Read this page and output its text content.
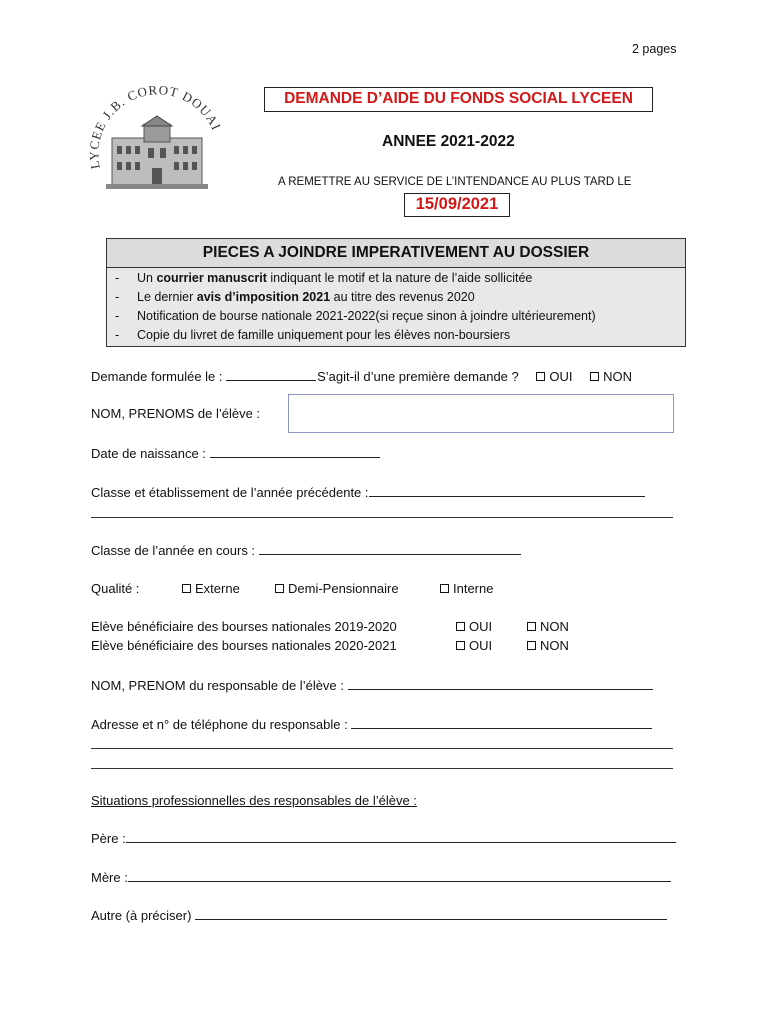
2 pages
LYCEE J.B. COROT DOUAI
DEMANDE D’AIDE DU FONDS SOCIAL LYCEEN
ANNEE 2021-2022
A REMETTRE AU SERVICE DE L’INTENDANCE AU PLUS TARD LE
15/09/2021
PIECES A JOINDRE IMPERATIVEMENT AU DOSSIER
- Un courrier manuscrit indiquant le motif et la nature de l’aide sollicitée
- Le dernier avis d’imposition 2021 au titre des revenus 2020
- Notification de bourse nationale 2021-2022(si reçue sinon à joindre ultérieurement)
- Copie du livret de famille uniquement pour les élèves non-boursiers
Demande formulée le :	S’agit-il d’une première demande ? OUI NON
NOM, PRENOMS de l’élève :
Date de naissance :
Classe et établissement de l’année précédente :
Classe de l’année en cours :
Qualité :	Externe	Demi-Pensionnaire	Interne
Elève bénéficiaire des bourses nationales 2019-2020	OUI	NON
Elève bénéficiaire des bourses nationales 2020-2021	OUI	NON
NOM, PRENOM du responsable de l’élève :
Adresse et n° de téléphone du responsable :
Situations professionnelles des responsables de l’élève :
Père :
Mère :
Autre (à préciser)
